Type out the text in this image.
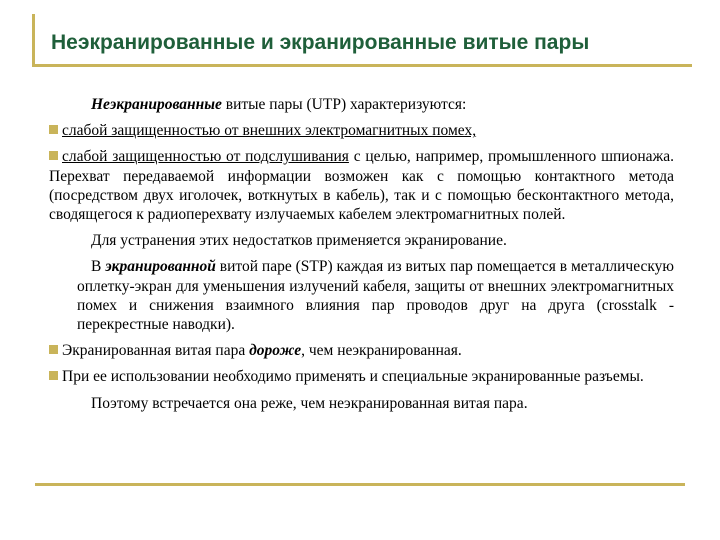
Неэкранированные и экранированные витые пары

Неэкранированные витые пары (UTP) характеризуются:

слабой защищенностью от внешних электромагнитных помех,

слабой защищенностью от подслушивания с целью, например, промышленного шпионажа. Перехват передаваемой информации возможен как с помощью контактного метода (посредством двух иголочек, воткнутых в кабель), так и с помощью бесконтактного метода, сводящегося к радиоперехвату излучаемых кабелем электромагнитных полей.

Для устранения этих недостатков применяется экранирование.

В экранированной витой паре (STP) каждая из витых пар помещается в металлическую оплетку-экран для уменьшения излучений кабеля, защиты от внешних электромагнитных помех и снижения взаимного влияния пар проводов друг на друга (crosstalk - перекрестные наводки).

Экранированная витая пара дороже, чем неэкранированная.

При ее использовании необходимо применять и специальные экранированные разъемы.

Поэтому встречается она реже, чем неэкранированная витая пара.
